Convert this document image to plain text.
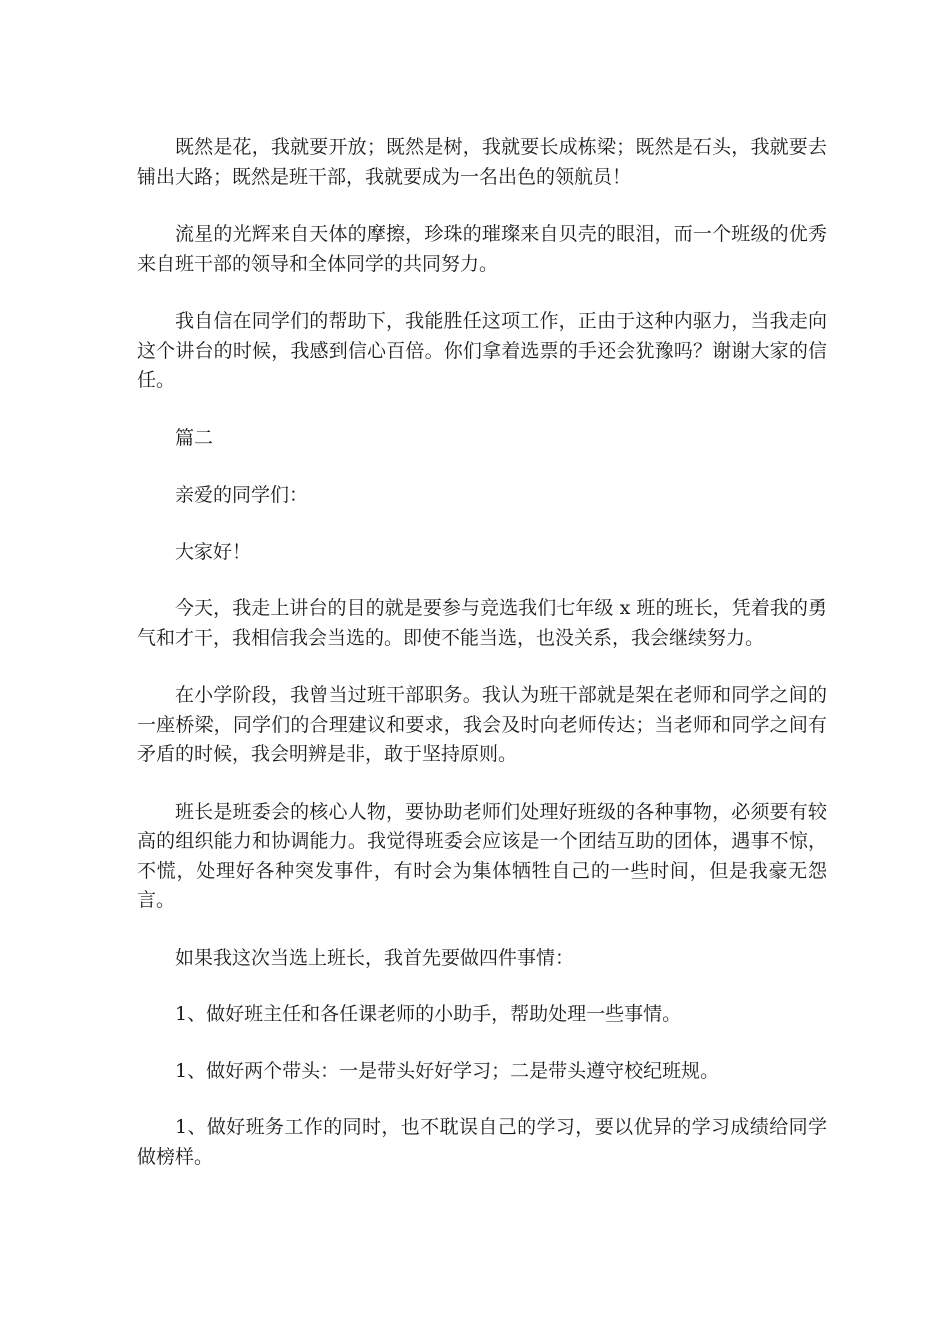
既然是花，我就要开放；既然是树，我就要长成栋梁；既然是石头，我就要去铺出大路；既然是班干部，我就要成为一名出色的领航员！

流星的光辉来自天体的摩擦，珍珠的璀璨来自贝壳的眼泪，而一个班级的优秀来自班干部的领导和全体同学的共同努力。

我自信在同学们的帮助下，我能胜任这项工作，正由于这种内驱力，当我走向这个讲台的时候，我感到信心百倍。你们拿着选票的手还会犹豫吗？谢谢大家的信任。

篇二

亲爱的同学们：

大家好！

今天，我走上讲台的目的就是要参与竞选我们七年级 x 班的班长，凭着我的勇气和才干，我相信我会当选的。即使不能当选，也没关系，我会继续努力。

在小学阶段，我曾当过班干部职务。我认为班干部就是架在老师和同学之间的一座桥梁，同学们的合理建议和要求，我会及时向老师传达；当老师和同学之间有矛盾的时候，我会明辨是非，敢于坚持原则。

班长是班委会的核心人物，要协助老师们处理好班级的各种事物，必须要有较高的组织能力和协调能力。我觉得班委会应该是一个团结互助的团体，遇事不惊，不慌，处理好各种突发事件，有时会为集体牺牲自己的一些时间，但是我豪无怨言。

如果我这次当选上班长，我首先要做四件事情：

1、做好班主任和各任课老师的小助手，帮助处理一些事情。

1、做好两个带头：一是带头好好学习；二是带头遵守校纪班规。

1、做好班务工作的同时，也不耽误自己的学习，要以优异的学习成绩给同学做榜样。
